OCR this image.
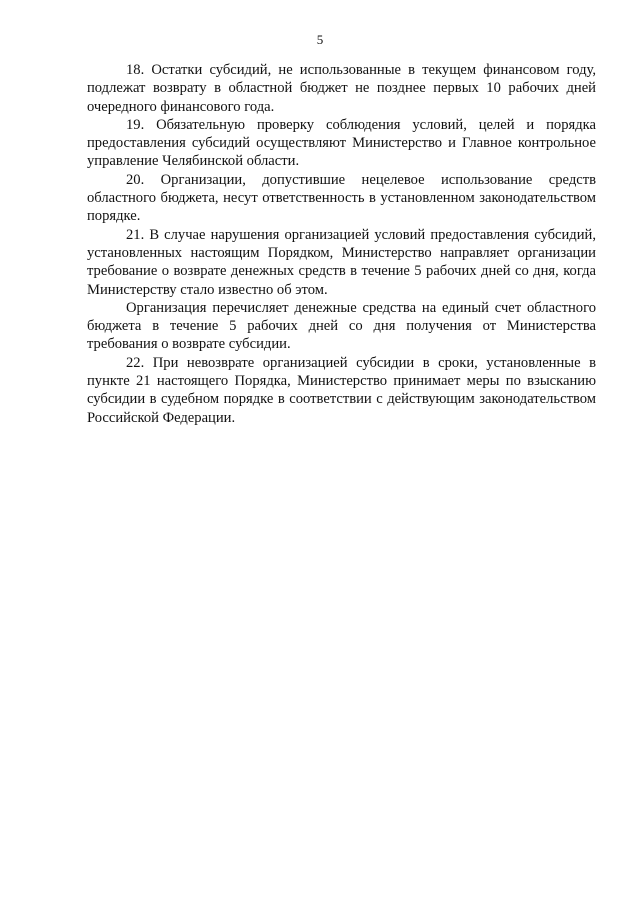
5

18. Остатки субсидий, не использованные в текущем финансовом году, подлежат возврату в областной бюджет не позднее первых 10 рабочих дней очередного финансового года.

19. Обязательную проверку соблюдения условий, целей и порядка предоставления субсидий осуществляют Министерство и Главное контрольное управление Челябинской области.

20. Организации, допустившие нецелевое использование средств областного бюджета, несут ответственность в установленном законодательством порядке.

21. В случае нарушения организацией условий предоставления субсидий, установленных настоящим Порядком, Министерство направляет организации требование о возврате денежных средств в течение 5 рабочих дней со дня, когда Министерству стало известно об этом.

Организация перечисляет денежные средства на единый счет областного бюджета в течение 5 рабочих дней со дня получения от Министерства требования о возврате субсидии.

22. При невозврате организацией субсидии в сроки, установленные в пункте 21 настоящего Порядка, Министерство принимает меры по взысканию субсидии в судебном порядке в соответствии с действующим законодательством Российской Федерации.
